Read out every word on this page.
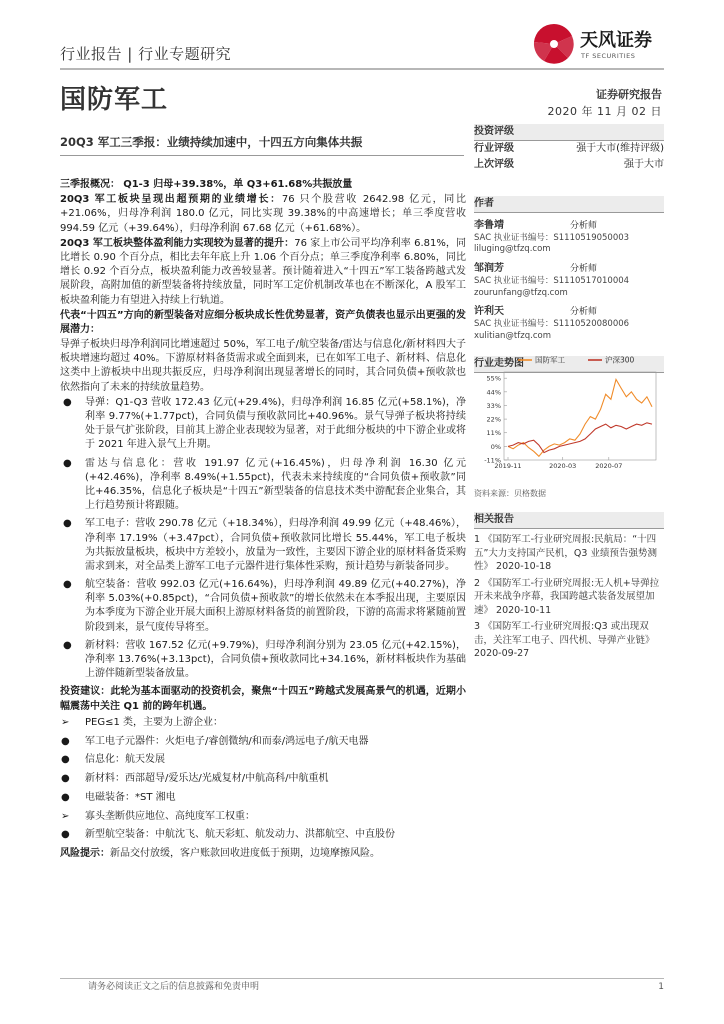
行业报告 | 行业专题研究
天风证券
TF SECURITIES
国防军工	证券研究报告
2020 年 11 月 02 日
20Q3 军工三季报：业绩持续加速中，十四五方向集体共振

三季报概况： Q1-3 归母+39.38%，单 Q3+61.68%共振放量

20Q3 军工板块呈现出超预期的业绩增长：76 只个股营收 2642.98 亿元，同比+21.06%，归母净利润 180.0 亿元，同比实现 39.38%的中高速增长；单三季度营收 994.59 亿元（+39.64%），归母净利润 67.68 亿元（+61.68%）。

20Q3 军工板块整体盈利能力实现较为显著的提升：76 家上市公司平均净利率 6.81%，同比增长 0.90 个百分点，相比去年年底上升 1.06 个百分点；单三季度净利率 6.80%，同比增长 0.92 个百分点，板块盈利能力改善较显著。预计随着进入“十四五”军工装备跨越式发展阶段，高附加值的新型装备将持续放量，同时军工定价机制改革也在不断深化，A 股军工板块盈利能力有望进入持续上行轨道。

代表“十四五”方向的新型装备对应细分板块成长性优势显著，资产负债表也显示出更强的发展潜力：

导弹子板块归母净利润同比增速超过 50%，军工电子/航空装备/雷达与信息化/新材料四大子板块增速均超过 40%。下游原材料备货需求或全面到来，已在如军工电子、新材料、信息化这类中上游板块中出现共振反应，归母净利润出现显著增长的同时，其合同负债+预收款也依然指向了未来的持续放量趋势。

● 导弹：Q1-Q3 营收 172.43 亿元(+29.4%)，归母净利润 16.85 亿元(+58.1%)，净利率 9.77%(+1.77pct)，合同负债与预收款同比+40.96%。景气导弹子板块将持续处于景气扩张阶段，目前其上游企业表现较为显著，对于此细分板块的中下游企业或将于 2021 年进入景气上升期。
● 雷达与信息化：营收 191.97 亿元(+16.45%)，归母净利润 16.30 亿元(+42.46%)，净利率 8.49%(+1.55pct)，代表未来持续度的“合同负债+预收款”同比+46.35%，信息化子板块是“十四五”新型装备的信息技术类中游配套企业集合，其上行趋势预计将跟随。
● 军工电子：营收 290.78 亿元（+18.34%），归母净利润 49.99 亿元（+48.46%），净利率 17.19%（+3.47pct），合同负债+预收款同比增长 55.44%，军工电子板块为共振放量板块，板块中方差较小，放量为一致性，主要因下游企业的原材料备货采购需求到来，对全品类上游军工电子元器件进行集体性采购，预计趋势与新装备同步。
● 航空装备：营收 992.03 亿元(+16.64%)，归母净利润 49.89 亿元(+40.27%)，净利率 5.03%(+0.85pct)，“合同负债+预收款”的增长依然未在本季报出现，主要原因为本季度为下游企业开展大面积上游原材料备货的前置阶段，下游的高需求将紧随前置阶段到来，景气度传导将至。
● 新材料：营收 167.52 亿元(+9.79%)，归母净利润分别为 23.05 亿元(+42.15%)，净利率 13.76%(+3.13pct)，合同负债+预收款同比+34.16%，新材料板块作为基础上游伴随新型装备放量。

投资建议：此轮为基本面驱动的投资机会，聚焦“十四五”跨越式发展高景气的机遇，近期小幅震荡中关注 Q1 前的跨年机遇。

➢ PEG≤1 类，主要为上游企业：
● 军工电子元器件：火炬电子/睿创微纳/和而泰/鸿远电子/航天电器
● 信息化：航天发展
● 新材料：西部超导/爱乐达/光威复材/中航高科/中航重机
● 电磁装备：*ST 湘电
➢ 寡头垄断供应地位、高纯度军工权重：
● 新型航空装备：中航沈飞、航天彩虹、航发动力、洪都航空、中直股份

风险提示：新品交付放缓，客户账款回收进度低于预期，边境摩擦风险。

投资评级
行业评级	强于大市(维持评级)
上次评级	强于大市
作者
李鲁靖	分析师
SAC 执业证书编号：S1110519050003
liluging@tfzq.com
邹润芳	分析师
SAC 执业证书编号：S1110517010004
zourunfang@tfzq.com
许利天	分析师
SAC 执业证书编号：S1110520080006
xulitian@tfzq.com
行业走势图
-11%
0%
11%
22%
33%
44%
55%
2019-11	2020-03	2020-07
国防军工	沪深300
资料来源：贝格数据
相关报告

1 《国防军工-行业研究周报:民航局：“十四五”大力支持国产民机，Q3 业绩预告强势测性》 2020-10-18

2 《国防军工-行业研究周报:无人机+导弹拉开未来战争序幕，我国跨越式装备发展望加速》 2020-10-11

3 《国防军工-行业研究周报:Q3 或出现双击，关注军工电子、四代机、导弹产业链》 2020-09-27

请务必阅读正文之后的信息披露和免责申明	1
